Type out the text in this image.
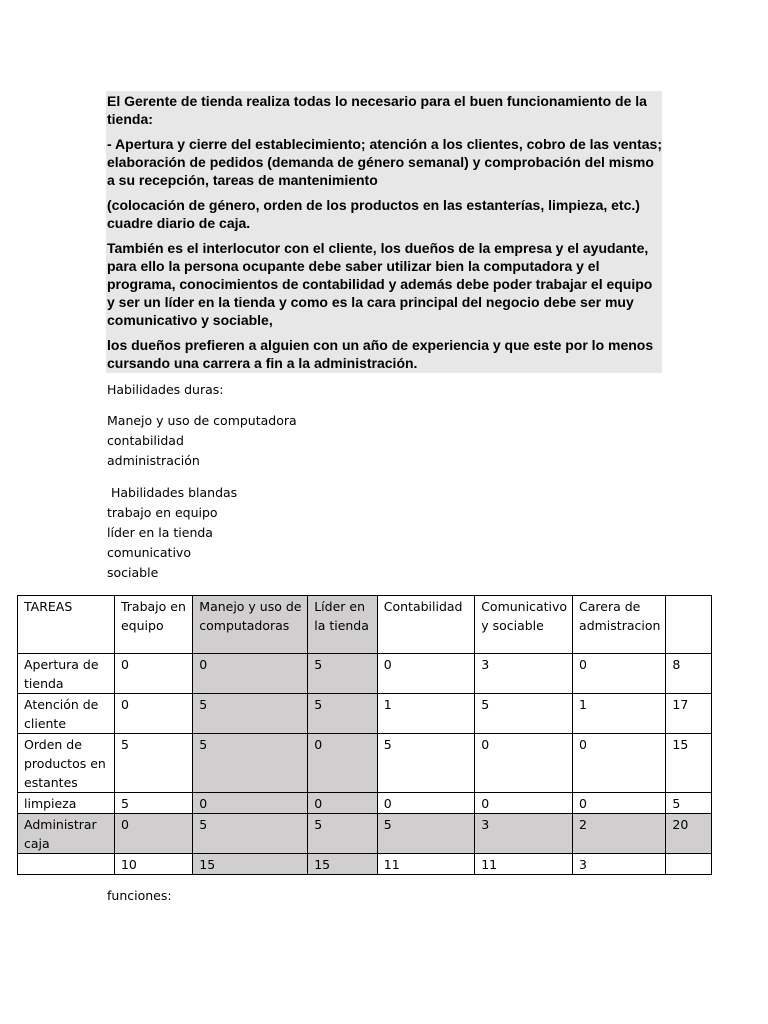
El Gerente de tienda realiza todas lo necesario para el buen funcionamiento de la tienda:

- Apertura y cierre del establecimiento; atención a los clientes, cobro de las ventas; elaboración de pedidos (demanda de género semanal) y comprobación del mismo a su recepción, tareas de mantenimiento

(colocación de género, orden de los productos en las estanterías, limpieza, etc.) cuadre diario de caja.

También es el interlocutor con el cliente, los dueños de la empresa y el ayudante, para ello la persona ocupante debe saber utilizar bien la computadora y el programa, conocimientos de contabilidad y además debe poder trabajar el equipo y ser un líder en la tienda y como es la cara principal del negocio debe ser muy comunicativo y sociable,

los dueños prefieren a alguien con un año de experiencia y que este por lo menos cursando una carrera a fin a la administración.

Habilidades duras:
Manejo y uso de computadora
contabilidad
administración
Habilidades blandas
trabajo en equipo
líder en la tienda
comunicativo
sociable
TAREAS	Trabajo en equipo	Manejo y uso de computadoras	Líder en la tienda	Contabilidad	Comunicativo y sociable	Carera de admistracion	
Apertura de tienda	0	0	5	0	3	0	8
Atención de cliente	0	5	5	1	5	1	17
Orden de productos en estantes	5	5	0	5	0	0	15
limpieza	5	0	0	0	0	0	5
Administrar caja	0	5	5	5	3	2	20
	10	15	15	11	11	3	
funciones:
